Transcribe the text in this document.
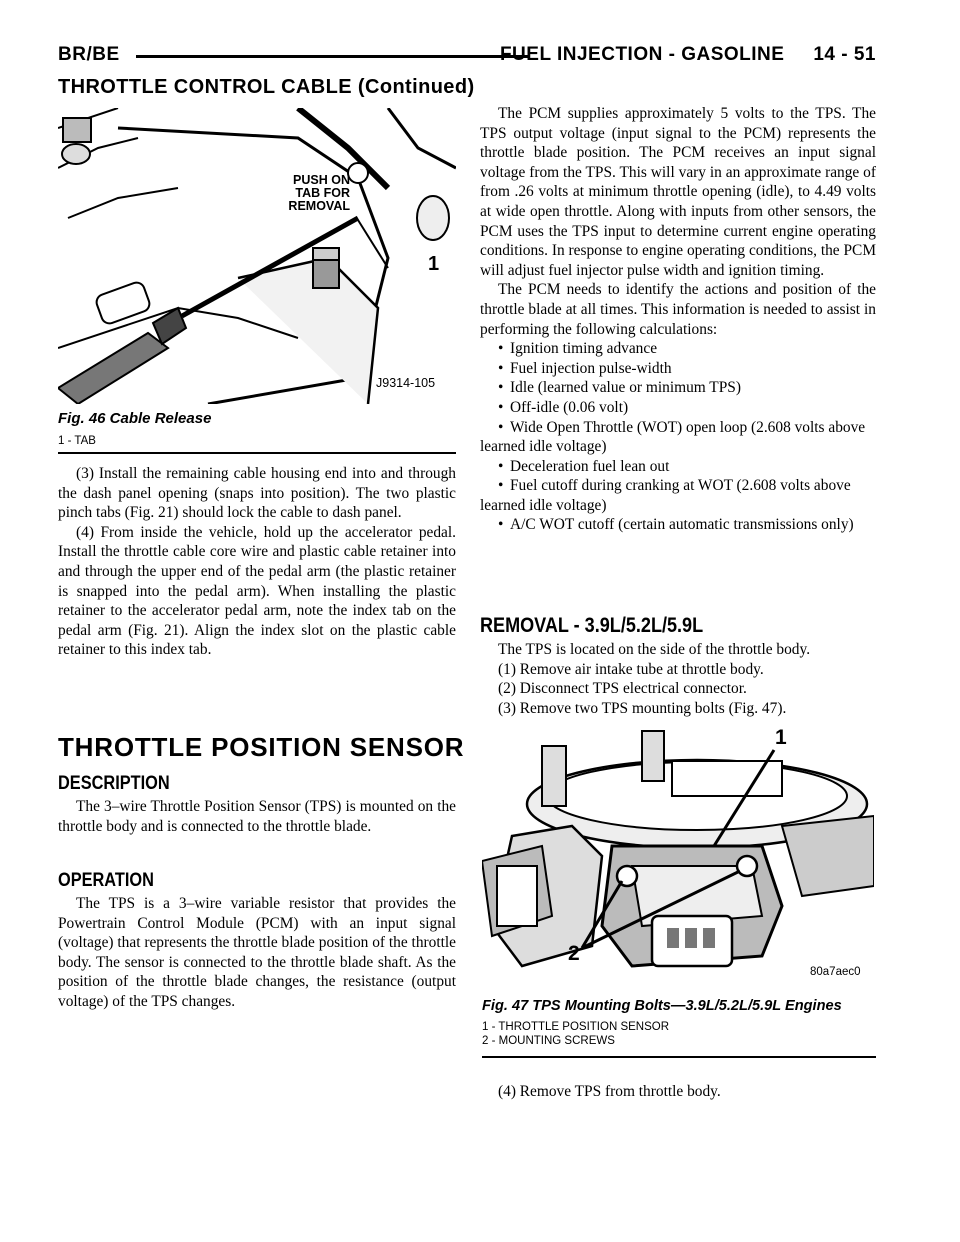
BR/BE	FUEL INJECTION - GASOLINE     14 - 51
THROTTLE CONTROL CABLE (Continued)
PUSH ON
TAB FOR
REMOVAL
1
J9314-105
Fig. 46 Cable Release
1 - TAB

(3) Install the remaining cable housing end into and through the dash panel opening (snaps into position). The two plastic pinch tabs (Fig. 21) should lock the cable to dash panel.

(4) From inside the vehicle, hold up the accelerator pedal. Install the throttle cable core wire and plastic cable retainer into and through the upper end of the pedal arm (the plastic retainer is snapped into the pedal arm). When installing the plastic retainer to the accelerator pedal arm, note the index tab on the pedal arm (Fig. 21). Align the index slot on the plastic cable retainer to this index tab.

THROTTLE POSITION SENSOR
DESCRIPTION

The 3–wire Throttle Position Sensor (TPS) is mounted on the throttle body and is connected to the throttle blade.

OPERATION

The TPS is a 3–wire variable resistor that provides the Powertrain Control Module (PCM) with an input signal (voltage) that represents the throttle blade position of the throttle body. The sensor is connected to the throttle blade shaft. As the position of the throttle blade changes, the resistance (output voltage) of the TPS changes.

The PCM supplies approximately 5 volts to the TPS. The TPS output voltage (input signal to the PCM) represents the throttle blade position. The PCM receives an input signal voltage from the TPS. This will vary in an approximate range of from .26 volts at minimum throttle opening (idle), to 4.49 volts at wide open throttle. Along with inputs from other sensors, the PCM uses the TPS input to determine current engine operating conditions. In response to engine operating conditions, the PCM will adjust fuel injector pulse width and ignition timing.

The PCM needs to identify the actions and position of the throttle blade at all times. This information is needed to assist in performing the following calculations:

• Ignition timing advance
• Fuel injection pulse-width
• Idle (learned value or minimum TPS)
• Off-idle (0.06 volt)
• Wide Open Throttle (WOT) open loop (2.608 volts above learned idle voltage)
• Deceleration fuel lean out
• Fuel cutoff during cranking at WOT (2.608 volts above learned idle voltage)
• A/C WOT cutoff (certain automatic transmissions only)
REMOVAL - 3.9L/5.2L/5.9L

The TPS is located on the side of the throttle body.

(1) Remove air intake tube at throttle body.

(2) Disconnect TPS electrical connector.

(3) Remove two TPS mounting bolts (Fig. 47).

1
2
80a7aec0
Fig. 47 TPS Mounting Bolts—3.9L/5.2L/5.9L Engines
1 - THROTTLE POSITION SENSOR
2 - MOUNTING SCREWS

(4) Remove TPS from throttle body.
